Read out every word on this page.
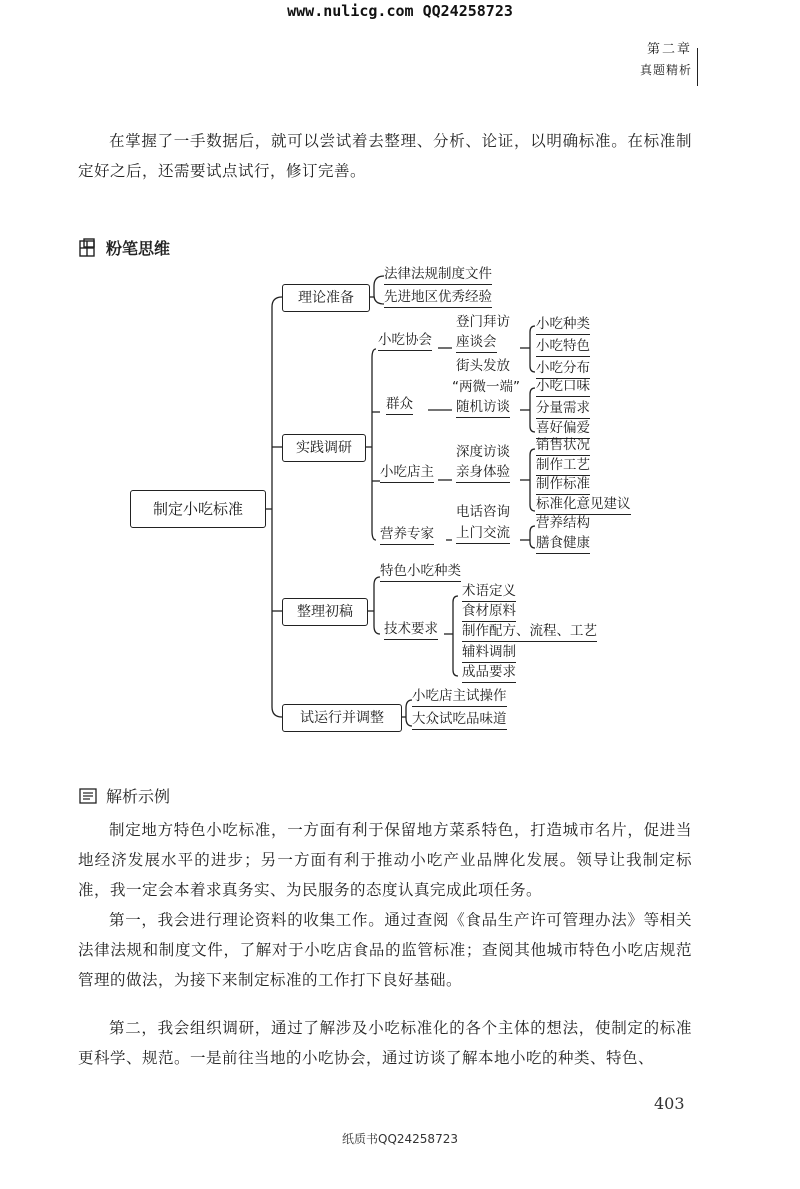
www.nulicg.com QQ24258723
第二章
真题精析
在掌握了一手数据后，就可以尝试着去整理、分析、论证，以明确标准。在标准制定好之后，还需要试点试行，修订完善。
粉笔思维
制定小吃标准
理论准备
法律法规制度文件
先进地区优秀经验
实践调研
小吃协会
登门拜访
座谈会
小吃种类
小吃特色
小吃分布
群众
街头发放
“两微一端”
随机访谈
小吃口味
分量需求
喜好偏爱
小吃店主
深度访谈
亲身体验
销售状况
制作工艺
制作标准
标准化意见建议
营养专家
电话咨询
上门交流
营养结构
膳食健康
整理初稿
特色小吃种类
技术要求
术语定义
食材原料
制作配方、流程、工艺
辅料调制
成品要求
试运行并调整
小吃店主试操作
大众试吃品味道
解析示例
制定地方特色小吃标准，一方面有利于保留地方菜系特色，打造城市名片，促进当地经济发展水平的进步；另一方面有利于推动小吃产业品牌化发展。领导让我制定标准，我一定会本着求真务实、为民服务的态度认真完成此项任务。
第一，我会进行理论资料的收集工作。通过查阅《食品生产许可管理办法》等相关法律法规和制度文件，了解对于小吃店食品的监管标准；查阅其他城市特色小吃店规范管理的做法，为接下来制定标准的工作打下良好基础。
第二，我会组织调研，通过了解涉及小吃标准化的各个主体的想法，使制定的标准更科学、规范。一是前往当地的小吃协会，通过访谈了解本地小吃的种类、特色、
403
纸质书QQ24258723
